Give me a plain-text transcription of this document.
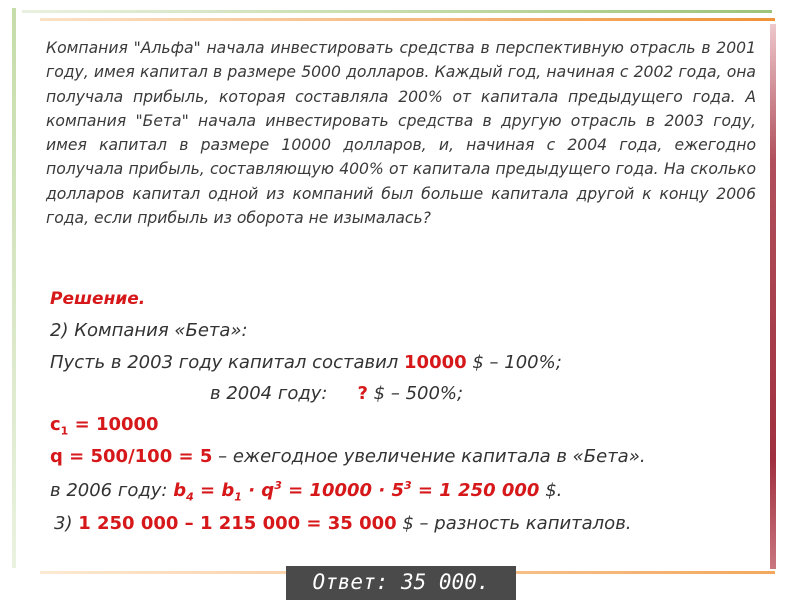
Компания "Альфа" начала инвестировать средства в перспективную отрасль в 2001 году, имея капитал в размере 5000 долларов. Каждый год, начиная с 2002 года, она получала прибыль, которая составляла 200% от капитала предыдущего года. А компания "Бета" начала инвестировать средства в другую отрасль в 2003 году, имея капитал в размере 10000 долларов, и, начиная с 2004 года, ежегодно получала прибыль, составляющую 400% от капитала предыдущего года. На сколько долларов капитал одной из компаний был больше капитала другой к концу 2006 года, если прибыль из оборота не изымалась?
Решение.
2) Компания «Бета»:
Пусть в 2003 году капитал составил 10000 $ – 100%;
в 2004 году: ? $ – 500%;
$c_1 = 10000$
q = 500/100 = 5 – ежегодное увеличение капитала в «Бета».
в 2006 году: $b_4 = b_1 \cdot q^3 = 10000 \cdot 5^3 = 1$ 250 000 $.
3) 1 250 000 – 1 215 000 = 35 000 $ – разность капиталов.
Ответ: 35 000.
